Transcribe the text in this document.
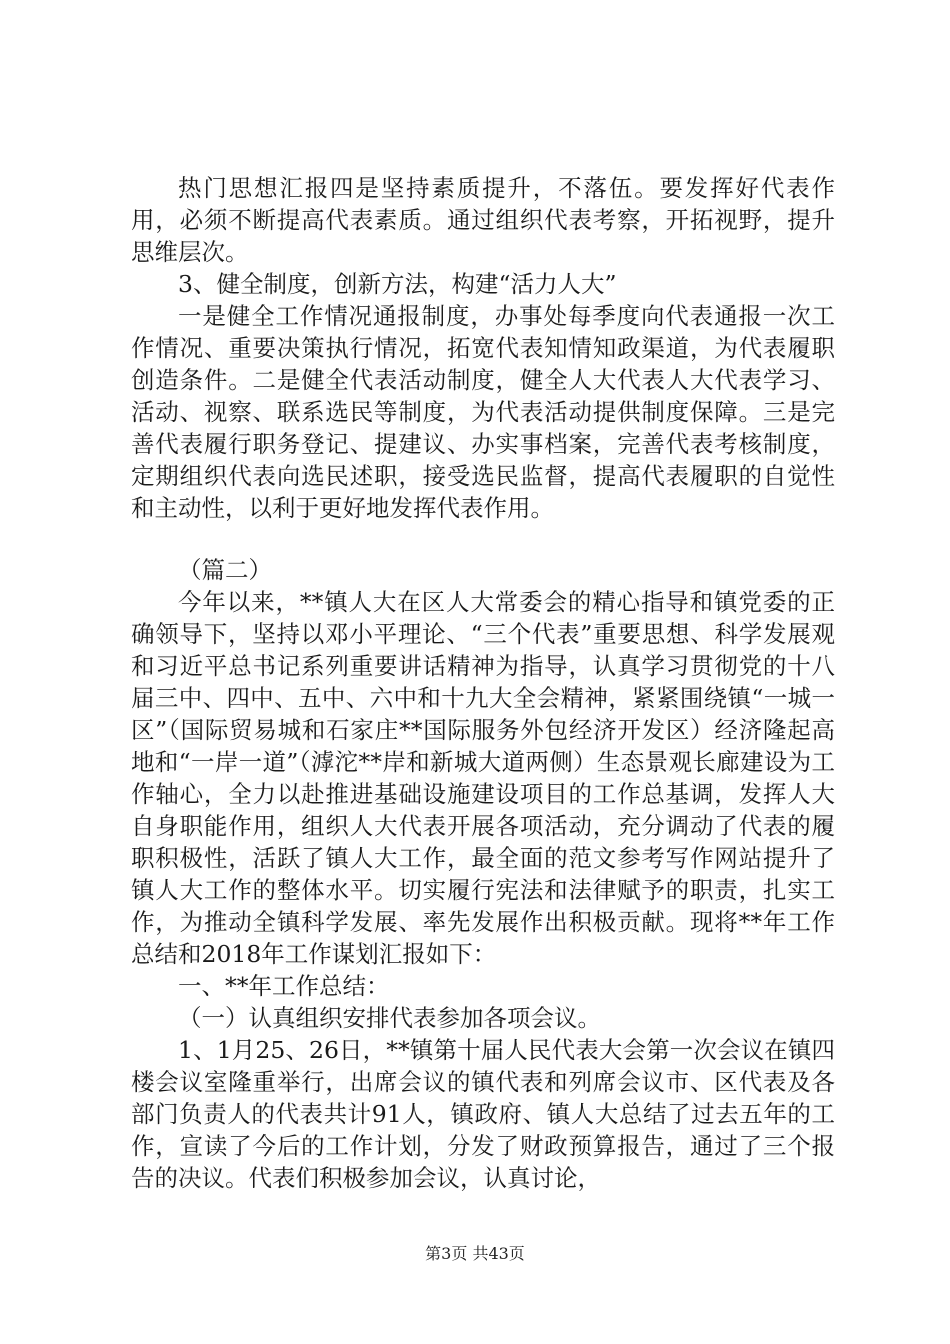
热门思想汇报四是坚持素质提升，不落伍。要发挥好代表作用，必须不断提高代表素质。通过组织代表考察，开拓视野，提升思维层次。

3、健全制度，创新方法，构建“活力人大”

一是健全工作情况通报制度，办事处每季度向代表通报一次工作情况、重要决策执行情况，拓宽代表知情知政渠道，为代表履职创造条件。二是健全代表活动制度，健全人大代表人大代表学习、活动、视察、联系选民等制度，为代表活动提供制度保障。三是完善代表履行职务登记、提建议、办实事档案，完善代表考核制度，定期组织代表向选民述职，接受选民监督，提高代表履职的自觉性和主动性，以利于更好地发挥代表作用。

（篇二）

今年以来，**镇人大在区人大常委会的精心指导和镇党委的正确领导下，坚持以邓小平理论、“三个代表”重要思想、科学发展观和习近平总书记系列重要讲话精神为指导，认真学习贯彻党的十八届三中、四中、五中、六中和十九大全会精神，紧紧围绕镇“一城一区”（国际贸易城和石家庄**国际服务外包经济开发区）经济隆起高地和“一岸一道”（滹沱**岸和新城大道两侧）生态景观长廊建设为工作轴心，全力以赴推进基础设施建设项目的工作总基调，发挥人大自身职能作用，组织人大代表开展各项活动，充分调动了代表的履职积极性，活跃了镇人大工作，最全面的范文参考写作网站提升了镇人大工作的整体水平。切实履行宪法和法律赋予的职责，扎实工作，为推动全镇科学发展、率先发展作出积极贡献。现将**年工作总结和2018年工作谋划汇报如下：

一、**年工作总结：

（一）认真组织安排代表参加各项会议。

1、1月25、26日，**镇第十届人民代表大会第一次会议在镇四楼会议室隆重举行，出席会议的镇代表和列席会议市、区代表及各部门负责人的代表共计91人，镇政府、镇人大总结了过去五年的工作，宣读了今后的工作计划，分发了财政预算报告，通过了三个报告的决议。代表们积极参加会议，认真讨论，

第3页 共43页
